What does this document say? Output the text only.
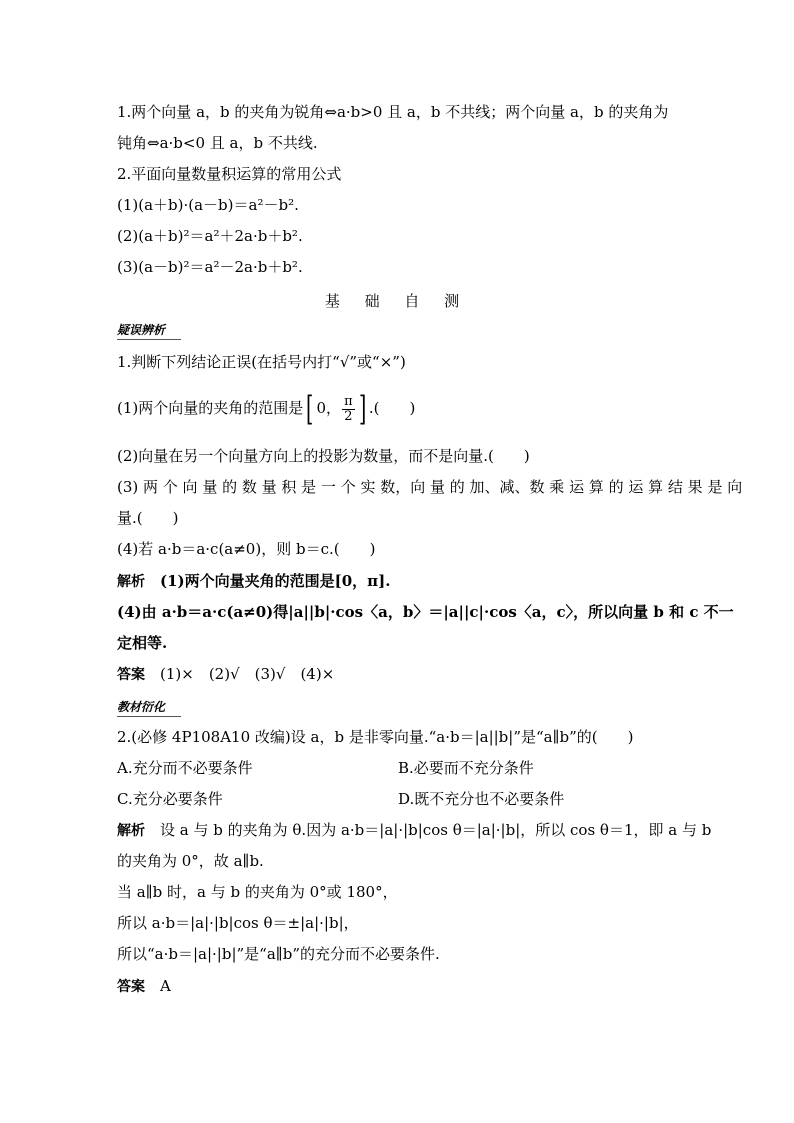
1.两个向量 a，b 的夹角为锐角⇔a·b>0 且 a，b 不共线；两个向量 a，b 的夹角为
钝角⇔a·b<0 且 a，b 不共线.
2.平面向量数量积运算的常用公式
(1)(a＋b)·(a－b)＝a²－b².
(2)(a＋b)²＝a²＋2a·b＋b².
(3)(a－b)²＝a²－2a·b＋b².
基 础 自 测
疑误辨析
1.判断下列结论正误(在括号内打“√”或“×”)
(1)两个向量的夹角的范围是[ 0， $\frac{\pi}{2}$ ] .(　　)
(2)向量在另一个向量方向上的投影为数量，而不是向量.(　　)
(3) 两 个 向 量 的 数 量 积 是 一 个 实 数，向 量 的 加、减、数 乘 运 算 的 运 算 结 果 是 向
量.(　　)
(4)若 a·b＝a·c(a≠0)，则 b＝c.(　　)
解析　 (1)两个向量夹角的范围是[0，π].
(4)由 a·b＝a·c(a≠0)得|a||b|·cos〈a，b〉＝|a||c|·cos〈a，c〉，所以向量 b 和 c 不一
定相等.
答案　 (1)×　(2)√　(3)√　(4)×
教材衍化
2.(必修 4P108A10 改编)设 a，b 是非零向量.“a·b＝|a||b|”是“a∥b”的(　　)
A.充分而不必要条件	B.必要而不充分条件
C.充分必要条件	D.既不充分也不必要条件
解析　 设 a 与 b 的夹角为 θ.因为 a·b＝|a|·|b|cos θ＝|a|·|b|，所以 cos θ＝1，即 a 与 b
的夹角为 0°，故 a∥b.
当 a∥b 时，a 与 b 的夹角为 0°或 180°，
所以 a·b＝|a|·|b|cos θ＝±|a|·|b|，
所以“a·b＝|a|·|b|”是“a∥b”的充分而不必要条件.
答案　 A
